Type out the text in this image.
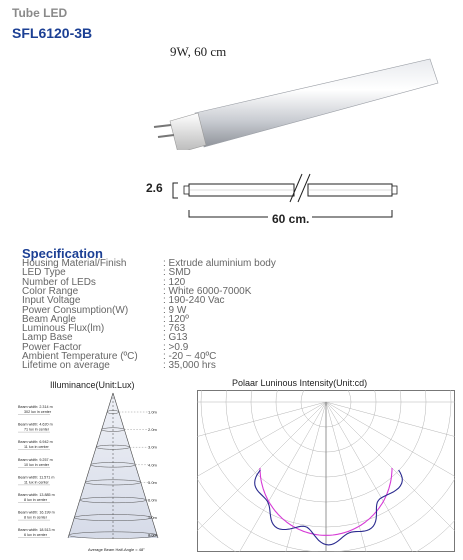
Tube LED
SFL6120-3B
9W, 60 cm
2.6
60 cm.
Specification
Housing Material/Finish	: Extrude aluminium body
LED Type	: SMD
Number of LEDs	: 120
Color Range	: White 6000-7000K
Input Voltage	: 190-240 Vac
Power Consumption(W)	: 9 W
Beam Angle	: 120º
Luminous Flux(lm)	: 763
Lamp Base	: G13
Power Factor	: >0.9
Ambient Temperature (ºC)	: -20 ~ 40ºC
Lifetime on average	: 35,000 hrs
Illuminance(Unit:Lux)
1.0m
Beam width: 2.314 m
302 lux in center
2.0m
Beam width: 4.620 m
71 lux in center
3.0m
Beam width: 6.942 m
11 lux in center
4.0m
Beam width: 9.257 m
10 lux in center
5.0m
Beam width: 11.571 m
11 lux in center
6.0m
Beam width: 13.885 m
8 lux in center
7.0m
Beam width: 16.199 m
8 lux in center
8.0m
Beam width: 18.513 m
6 lux in center
Average Beam Half-Angle = 48°
Polaar Luninous Intensity(Unit:cd)
